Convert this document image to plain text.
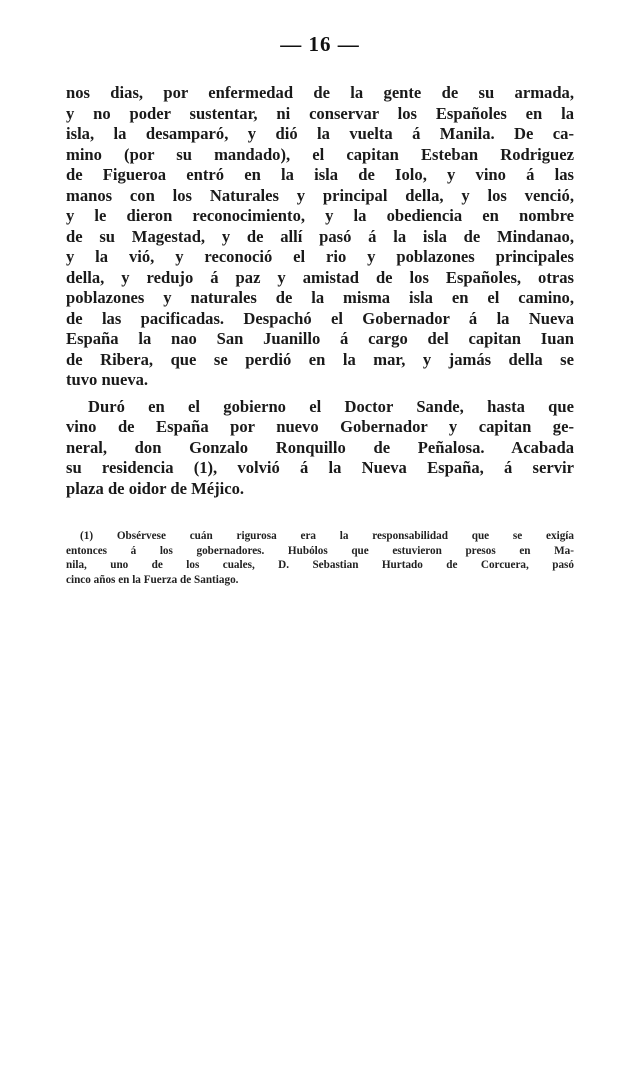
— 16 —
nos dias, por enfermedad de la gente de su armada,
y no poder sustentar, ni conservar los Españoles en la
isla, la desamparó, y dió la vuelta á Manila. De ca-
mino (por su mandado), el capitan Esteban Rodriguez
de Figueroa entró en la isla de Iolo, y vino á las
manos con los Naturales y principal della, y los venció,
y le dieron reconocimiento, y la obediencia en nombre
de su Magestad, y de allí pasó á la isla de Mindanao,
y la vió, y reconoció el rio y poblazones principales
della, y redujo á paz y amistad de los Españoles, otras
poblazones y naturales de la misma isla en el camino,
de las pacificadas. Despachó el Gobernador á la Nueva
España la nao San Juanillo á cargo del capitan Iuan
de Ribera, que se perdió en la mar, y jamás della se
tuvo nueva.
Duró en el gobierno el Doctor Sande, hasta que
vino de España por nuevo Gobernador y capitan ge-
neral, don Gonzalo Ronquillo de Peñalosa. Acabada
su residencia (1), volvió á la Nueva España, á servir
plaza de oidor de Méjico.
(1) Obsérvese cuán rigurosa era la responsabilidad que se exigía
entonces á los gobernadores. Hubólos que estuvieron presos en Ma-
nila, uno de los cuales, D. Sebastian Hurtado de Corcuera, pasó
cinco años en la Fuerza de Santiago.
